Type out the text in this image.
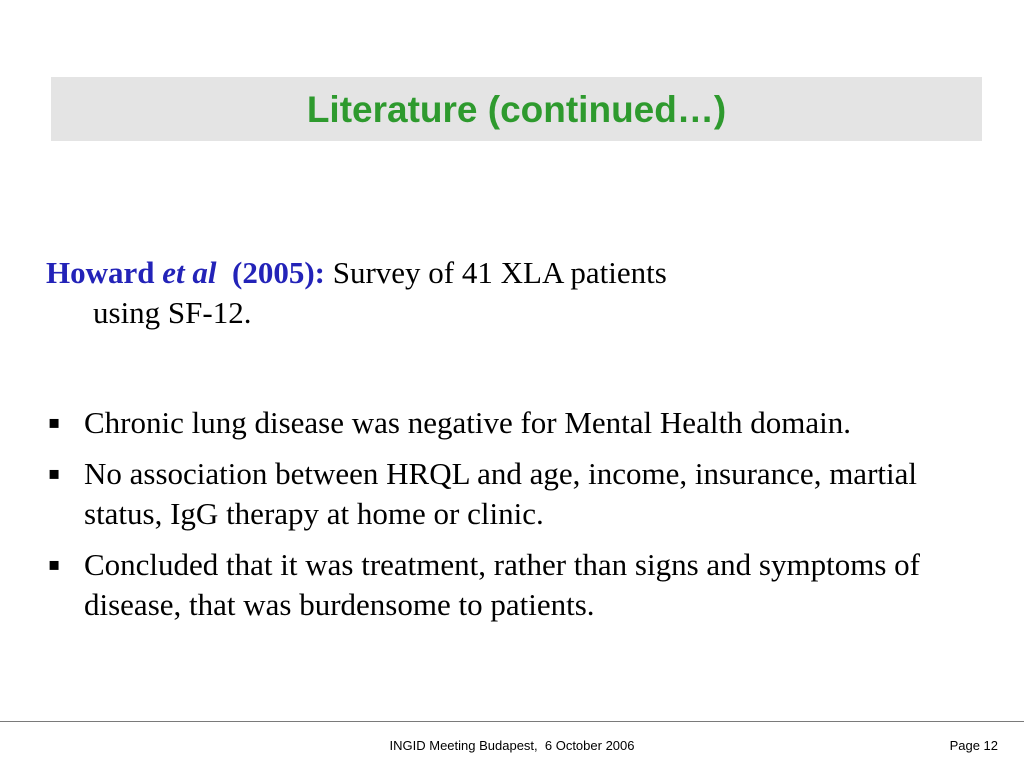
Literature (continued…)
Howard et al  (2005): Survey of 41 XLA patients
using SF-12.
▪ Chronic lung disease was negative for Mental Health domain.
▪ No association between HRQL and age, income, insurance, martial status, IgG therapy at home or clinic.
▪ Concluded that it was treatment, rather than signs and symptoms of disease, that was burdensome to patients.
INGID Meeting Budapest,  6 October 2006	Page 12
